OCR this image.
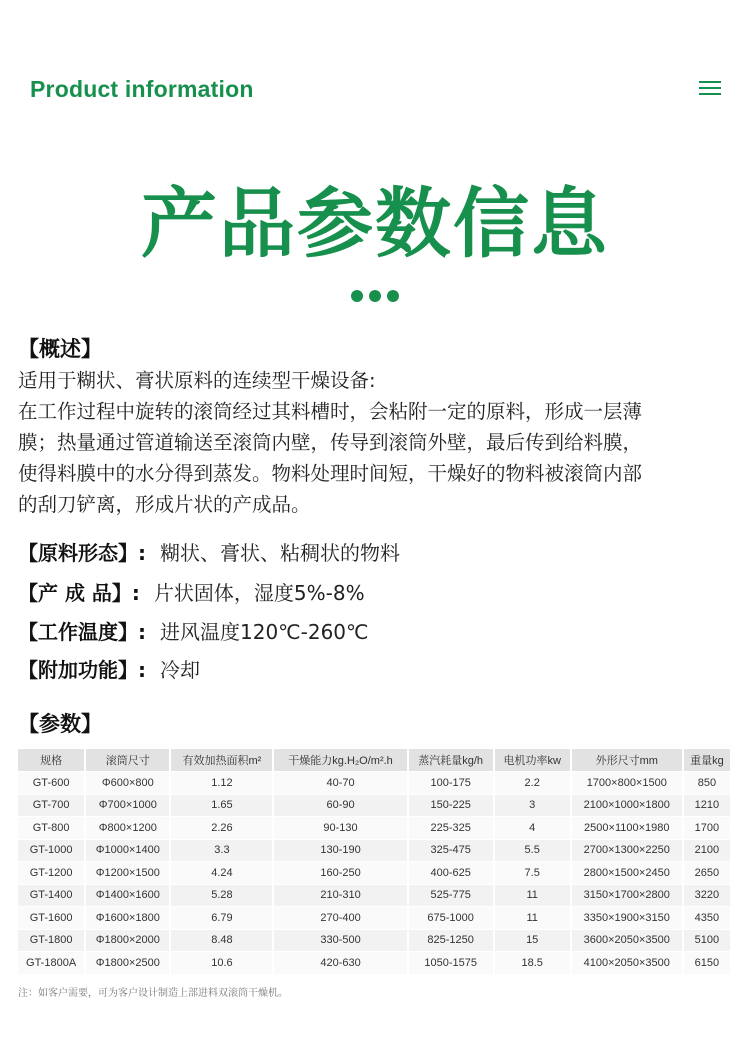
Product information
产品参数信息
【概述】

适用于糊状、膏状原料的连续型干燥设备:

在工作过程中旋转的滚筒经过其料槽时，会粘附一定的原料，形成一层薄

膜；热量通过管道输送至滚筒内壁，传导到滚筒外壁，最后传到给料膜，

使得料膜中的水分得到蒸发。物料处理时间短，干燥好的物料被滚筒内部

的刮刀铲离，形成片状的产成品。

【原料形态】: 糊状、膏状、粘稠状的物料
【产 成 品】: 片状固体，湿度5%-8%
【工作温度】: 进风温度120℃-260℃
【附加功能】: 冷却
【参数】
规格	滚筒尺寸	有效加热面积m²	干燥能力kg.H₂O/m².h	蒸汽耗量kg/h	电机功率kw	外形尺寸mm	重量kg
GT-600	Φ600×800	1.12	40-70	100-175	2.2	1700×800×1500	850
GT-700	Φ700×1000	1.65	60-90	150-225	3	2100×1000×1800	1210
GT-800	Φ800×1200	2.26	90-130	225-325	4	2500×1100×1980	1700
GT-1000	Φ1000×1400	3.3	130-190	325-475	5.5	2700×1300×2250	2100
GT-1200	Φ1200×1500	4.24	160-250	400-625	7.5	2800×1500×2450	2650
GT-1400	Φ1400×1600	5.28	210-310	525-775	11	3150×1700×2800	3220
GT-1600	Φ1600×1800	6.79	270-400	675-1000	11	3350×1900×3150	4350
GT-1800	Φ1800×2000	8.48	330-500	825-1250	15	3600×2050×3500	5100
GT-1800A	Φ1800×2500	10.6	420-630	1050-1575	18.5	4100×2050×3500	6150
注：如客户需要，可为客户设计制造上部进料双滚筒干燥机。
